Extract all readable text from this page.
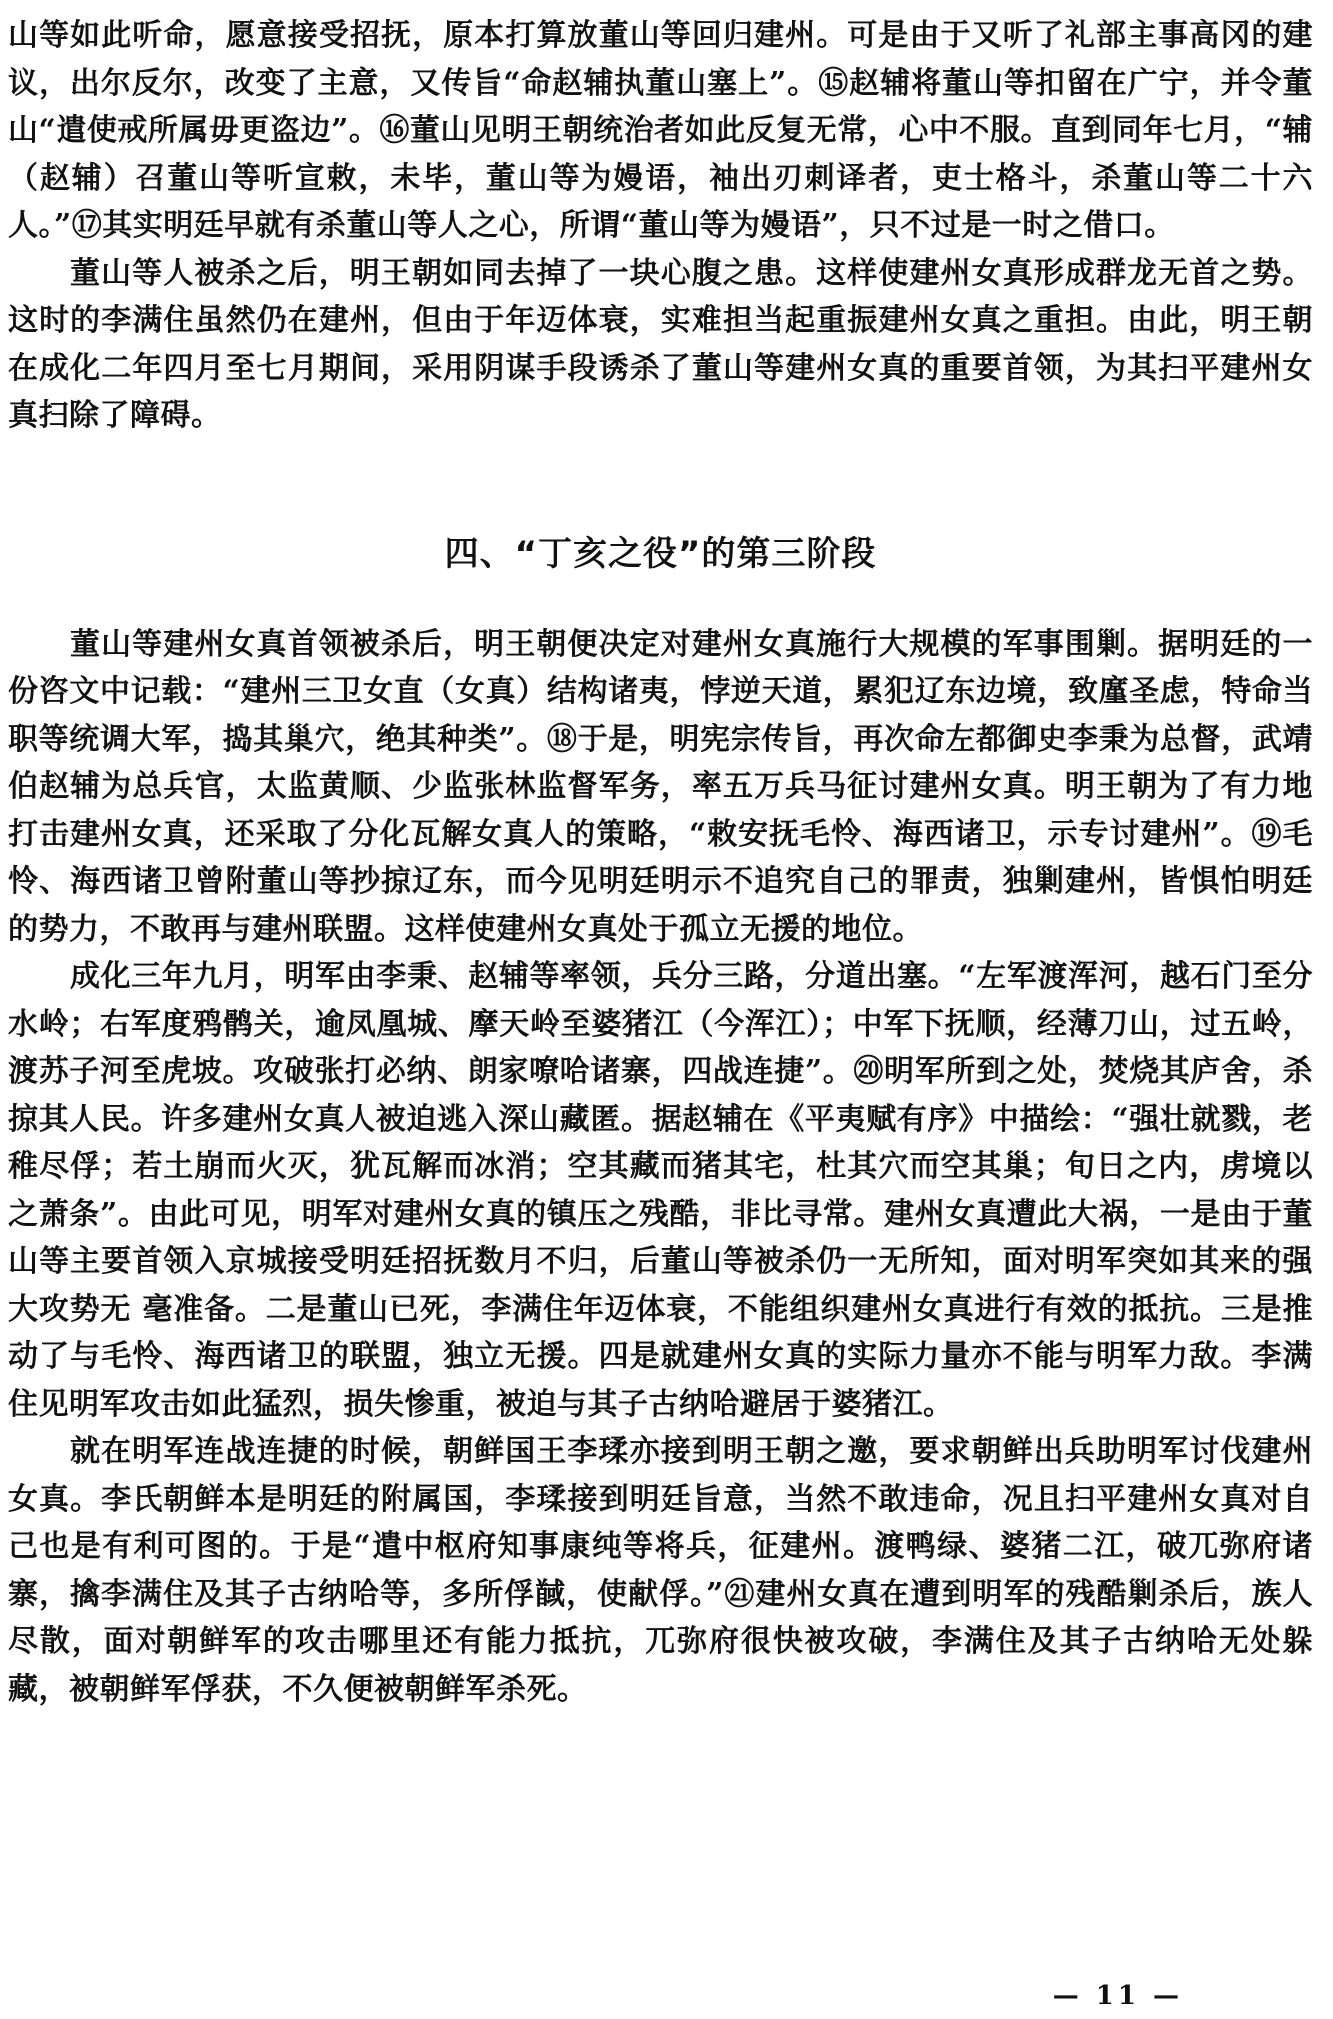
山等如此听命，愿意接受招抚，原本打算放董山等回归建州。可是由于又听了礼部主事高冈的建议，出尔反尔，改变了主意，又传旨“命赵辅执董山塞上”。⑮赵辅将董山等扣留在广宁，并令董山“遣使戒所属毋更盗边”。⑯董山见明王朝统治者如此反复无常，心中不服。直到同年七月，“辅（赵辅）召董山等听宣敕，未毕，董山等为嫚语，袖出刃刺译者，吏士格斗，杀董山等二十六人。”⑰其实明廷早就有杀董山等人之心，所谓“董山等为嫚语”，只不过是一时之借口。

董山等人被杀之后，明王朝如同去掉了一块心腹之患。这样使建州女真形成群龙无首之势。这时的李满住虽然仍在建州，但由于年迈体衰，实难担当起重振建州女真之重担。由此，明王朝在成化二年四月至七月期间，采用阴谋手段诱杀了董山等建州女真的重要首领，为其扫平建州女真扫除了障碍。

四、“丁亥之役”的第三阶段

董山等建州女真首领被杀后，明王朝便决定对建州女真施行大规模的军事围剿。据明廷的一份咨文中记载：“建州三卫女直（女真）结构诸夷，悖逆天道，累犯辽东边境，致廑圣虑，特命当职等统调大军，捣其巢穴，绝其种类”。⑱于是，明宪宗传旨，再次命左都御史李秉为总督，武靖伯赵辅为总兵官，太监黄顺、少监张林监督军务，率五万兵马征讨建州女真。明王朝为了有力地打击建州女真，还采取了分化瓦解女真人的策略，“敕安抚毛怜、海西诸卫，示专讨建州”。⑲毛怜、海西诸卫曾附董山等抄掠辽东，而今见明廷明示不追究自己的罪责，独剿建州，皆惧怕明廷的势力，不敢再与建州联盟。这样使建州女真处于孤立无援的地位。

成化三年九月，明军由李秉、赵辅等率领，兵分三路，分道出塞。“左军渡浑河，越石门至分水岭；右军度鸦鹘关，逾凤凰城、摩天岭至婆猪江（今浑江）；中军下抚顺，经薄刀山，过五岭，渡苏子河至虎坡。攻破张打必纳、朗家嘹哈诸寨，四战连捷”。⑳明军所到之处，焚烧其庐舍，杀掠其人民。许多建州女真人被迫逃入深山藏匿。据赵辅在《平夷赋有序》中描绘：“强壮就戮，老稚尽俘；若土崩而火灭，犹瓦解而冰消；空其藏而猪其宅，杜其穴而空其巢；旬日之内，虏境以之萧条”。由此可见，明军对建州女真的镇压之残酷，非比寻常。建州女真遭此大祸，一是由于董山等主要首领入京城接受明廷招抚数月不归，后董山等被杀仍一无所知，面对明军突如其来的强大攻势无 毫准备。二是董山已死，李满住年迈体衰，不能组织建州女真进行有效的抵抗。三是推动了与毛怜、海西诸卫的联盟，独立无援。四是就建州女真的实际力量亦不能与明军力敌。李满住见明军攻击如此猛烈，损失惨重，被迫与其子古纳哈避居于婆猪江。

就在明军连战连捷的时候，朝鲜国王李瑈亦接到明王朝之邀，要求朝鲜出兵助明军讨伐建州女真。李氏朝鲜本是明廷的附属国，李瑈接到明廷旨意，当然不敢违命，况且扫平建州女真对自己也是有利可图的。于是“遣中枢府知事康纯等将兵，征建州。渡鸭绿、婆猪二江，破兀弥府诸寨，擒李满住及其子古纳哈等，多所俘馘，使献俘。”㉑建州女真在遭到明军的残酷剿杀后，族人尽散，面对朝鲜军的攻击哪里还有能力抵抗，兀弥府很快被攻破，李满住及其子古纳哈无处躲藏，被朝鲜军俘获，不久便被朝鲜军杀死。

— 11 —
